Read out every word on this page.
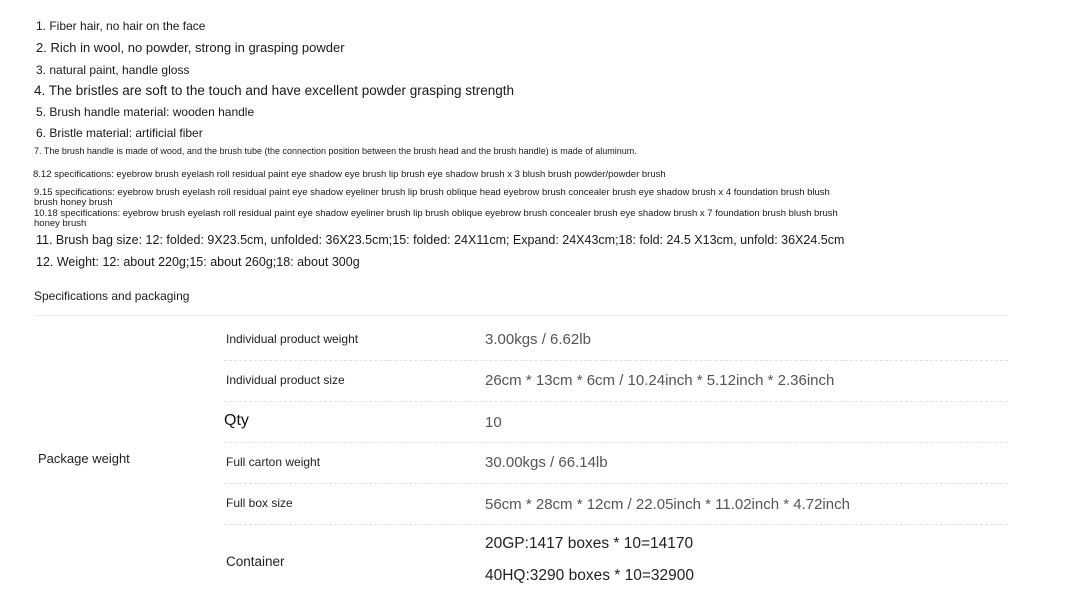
1. Fiber hair, no hair on the face
2. Rich in wool, no powder, strong in grasping powder
3. natural paint, handle gloss
4. The bristles are soft to the touch and have excellent powder grasping strength
5. Brush handle material: wooden handle
6. Bristle material: artificial fiber
7. The brush handle is made of wood, and the brush tube (the connection position between the brush head and the brush handle) is made of aluminum.
8.12 specifications: eyebrow brush eyelash roll residual paint eye shadow eye brush lip brush eye shadow brush x 3 blush brush powder/powder brush
9.15 specifications: eyebrow brush eyelash roll residual paint eye shadow eyeliner brush lip brush oblique head eyebrow brush concealer brush eye shadow brush x 4 foundation brush blush brush honey brush
10.18 specifications: eyebrow brush eyelash roll residual paint eye shadow eyeliner brush lip brush oblique eyebrow brush concealer brush eye shadow brush x 7 foundation brush blush brush honey brush
11. Brush bag size: 12: folded: 9X23.5cm, unfolded: 36X23.5cm;15: folded: 24X11cm; Expand: 24X43cm;18: fold: 24.5 X13cm, unfold: 36X24.5cm
12. Weight: 12: about 220g;15: about 260g;18: about 300g
Specifications and packaging
Package weight
Individual product weight	3.00kgs / 6.62lb
Individual product size	26cm * 13cm * 6cm / 10.24inch * 5.12inch * 2.36inch
Qty	10
Full carton weight	30.00kgs / 66.14lb
Full box size	56cm * 28cm * 12cm / 22.05inch * 11.02inch * 4.72inch
Container
20GP:1417 boxes * 10=14170
40HQ:3290 boxes * 10=32900
